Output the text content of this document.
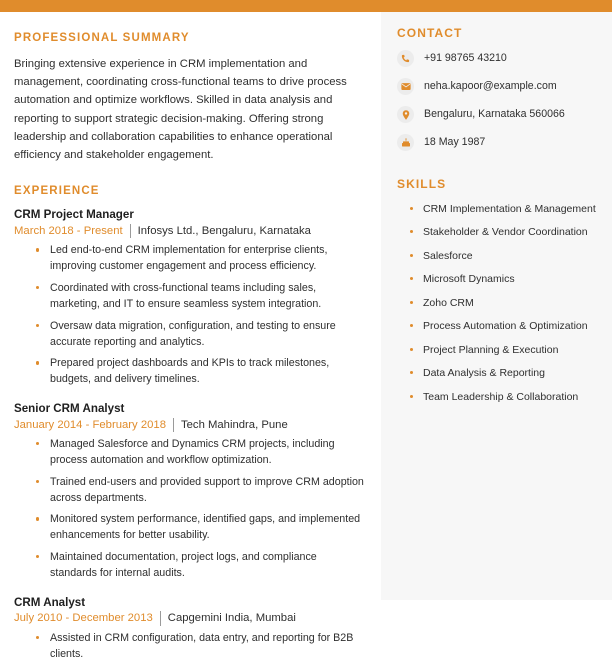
PROFESSIONAL SUMMARY

Bringing extensive experience in CRM implementation and management, coordinating cross-functional teams to drive process automation and optimize workflows. Skilled in data analysis and reporting to support strategic decision-making. Offering strong leadership and collaboration capabilities to enhance operational efficiency and stakeholder engagement.

EXPERIENCE
CRM Project Manager
March 2018 - Present Infosys Ltd., Bengaluru, Karnataka
Led end-to-end CRM implementation for enterprise clients, improving customer engagement and process efficiency.
Coordinated with cross-functional teams including sales, marketing, and IT to ensure seamless system integration.
Oversaw data migration, configuration, and testing to ensure accurate reporting and analytics.
Prepared project dashboards and KPIs to track milestones, budgets, and delivery timelines.
Senior CRM Analyst
January 2014 - February 2018 Tech Mahindra, Pune
Managed Salesforce and Dynamics CRM projects, including process automation and workflow optimization.
Trained end-users and provided support to improve CRM adoption across departments.
Monitored system performance, identified gaps, and implemented enhancements for better usability.
Maintained documentation, project logs, and compliance standards for internal audits.
CRM Analyst
July 2010 - December 2013 Capgemini India, Mumbai
Assisted in CRM configuration, data entry, and reporting for B2B clients.
CONTACT
+91 98765 43210
neha.kapoor@example.com
Bengaluru, Karnataka 560066
18 May 1987
SKILLS
CRM Implementation & Management
Stakeholder & Vendor Coordination
Salesforce
Microsoft Dynamics
Zoho CRM
Process Automation & Optimization
Project Planning & Execution
Data Analysis & Reporting
Team Leadership & Collaboration
